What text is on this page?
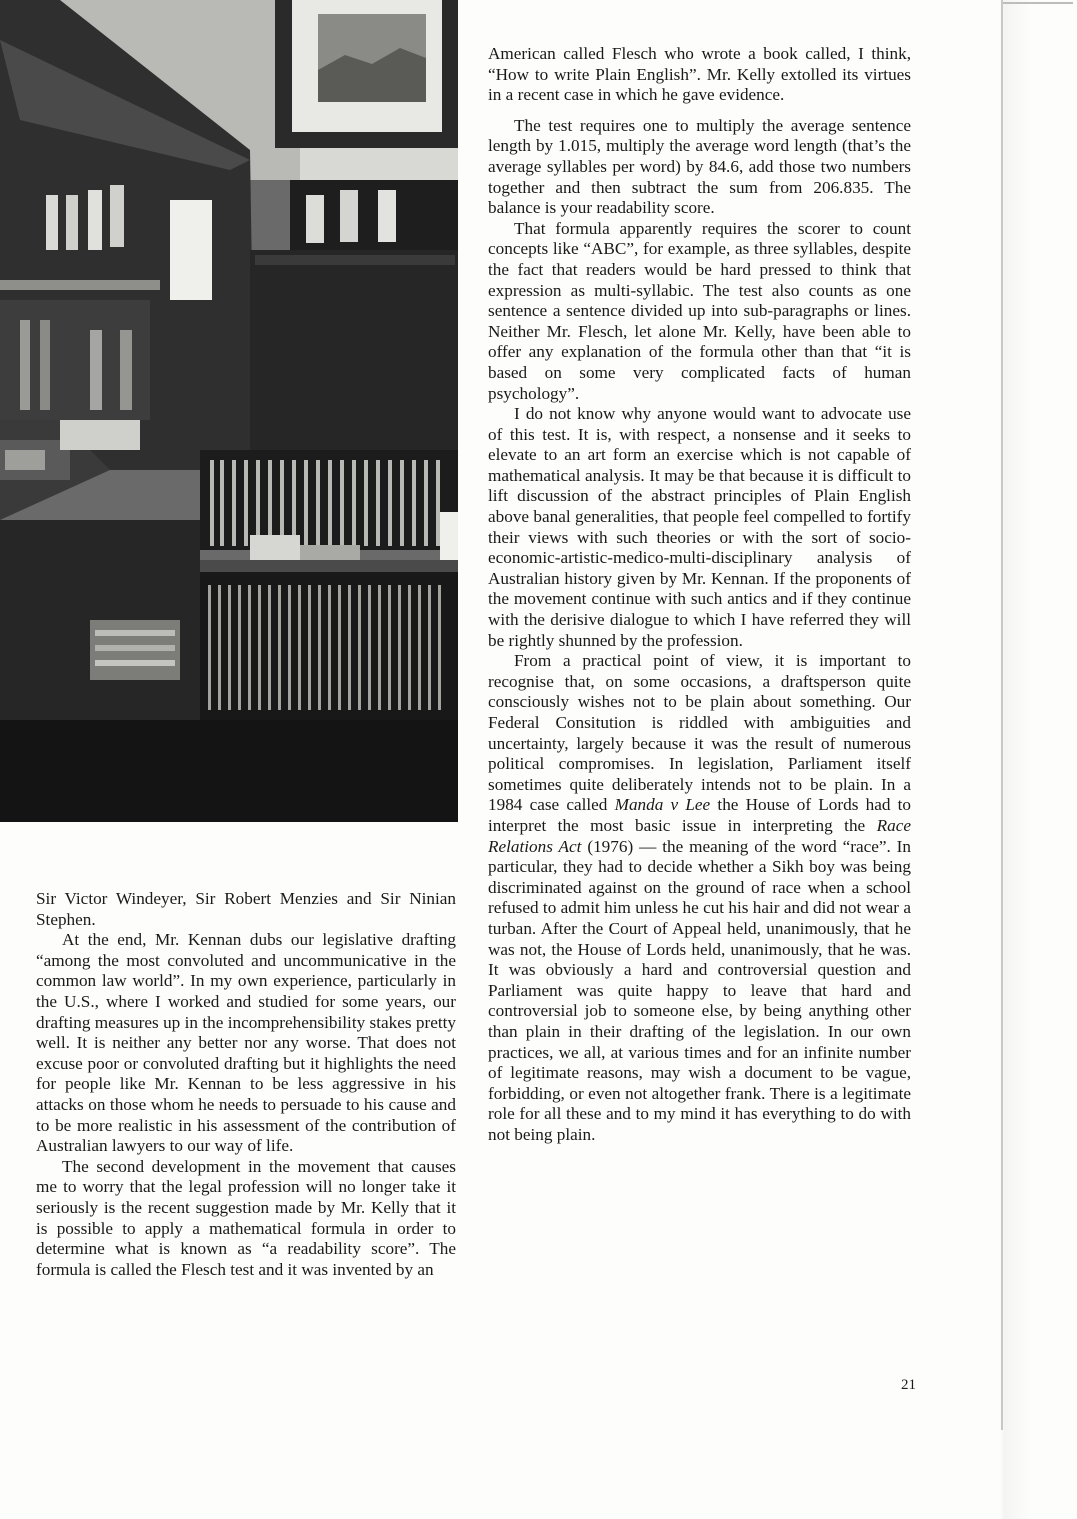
Sir Victor Windeyer, Sir Robert Menzies and Sir Ninian Stephen.

At the end, Mr. Kennan dubs our legislative drafting “among the most convoluted and uncommunicative in the common law world”. In my own experience, particularly in the U.S., where I worked and studied for some years, our drafting measures up in the incomprehensibility stakes pretty well. It is neither any better nor any worse. That does not excuse poor or convoluted drafting but it highlights the need for people like Mr. Kennan to be less aggressive in his attacks on those whom he needs to persuade to his cause and to be more realistic in his assessment of the contribution of Australian lawyers to our way of life.

The second development in the movement that causes me to worry that the legal profession will no longer take it seriously is the recent suggestion made by Mr. Kelly that it is possible to apply a mathematical formula in order to determine what is known as “a readability score”. The formula is called the Flesch test and it was invented by an

American called Flesch who wrote a book called, I think, “How to write Plain English”. Mr. Kelly extolled its virtues in a recent case in which he gave evidence.

The test requires one to multiply the average sentence length by 1.015, multiply the average word length (that’s the average syllables per word) by 84.6, add those two numbers together and then subtract the sum from 206.835. The balance is your readability score.

That formula apparently requires the scorer to count concepts like “ABC”, for example, as three syllables, despite the fact that readers would be hard pressed to think that expression as multi-syllabic. The test also counts as one sentence a sentence divided up into sub-paragraphs or lines. Neither Mr. Flesch, let alone Mr. Kelly, have been able to offer any explanation of the formula other than that “it is based on some very complicated facts of human psychology”.

I do not know why anyone would want to advocate use of this test. It is, with respect, a nonsense and it seeks to elevate to an art form an exercise which is not capable of mathematical analysis. It may be that because it is difficult to lift discussion of the abstract principles of Plain English above banal generalities, that people feel compelled to fortify their views with such theories or with the sort of socio-economic-artistic-medico-multi-disciplinary analysis of Australian history given by Mr. Kennan. If the proponents of the movement continue with such antics and if they continue with the derisive dialogue to which I have referred they will be rightly shunned by the profession.

From a practical point of view, it is important to recognise that, on some occasions, a draftsperson quite consciously wishes not to be plain about something. Our Federal Consitution is riddled with ambiguities and uncertainty, largely because it was the result of numerous political compromises. In legislation, Parliament itself sometimes quite deliberately intends not to be plain. In a 1984 case called Manda v Lee the House of Lords had to interpret the most basic issue in interpreting the Race Relations Act (1976) — the meaning of the word “race”. In particular, they had to decide whether a Sikh boy was being discriminated against on the ground of race when a school refused to admit him unless he cut his hair and did not wear a turban. After the Court of Appeal held, unanimously, that he was not, the House of Lords held, unanimously, that he was. It was obviously a hard and controversial question and Parliament was quite happy to leave that hard and controversial job to someone else, by being anything other than plain in their drafting of the legislation. In our own practices, we all, at various times and for an infinite number of legitimate reasons, may wish a document to be vague, forbidding, or even not altogether frank. There is a legitimate role for all these and to my mind it has everything to do with not being plain.

21
